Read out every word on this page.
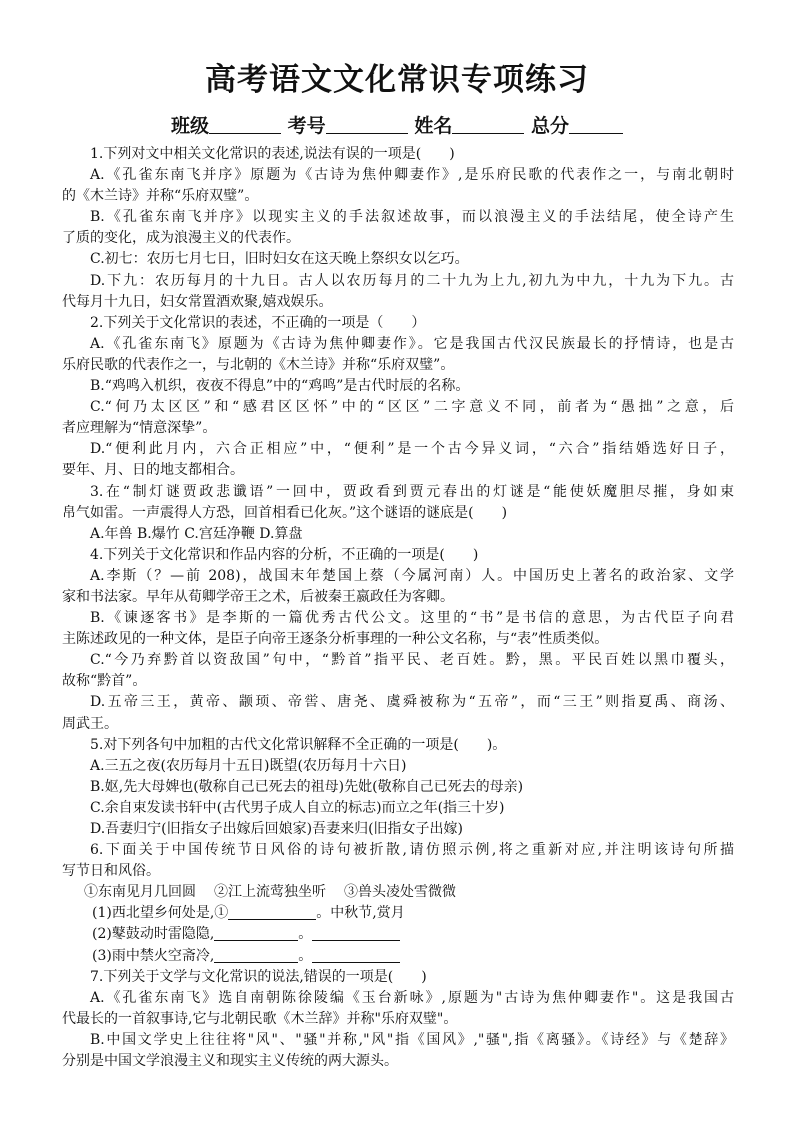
高考语文文化常识专项练习
班级	考号	姓名	总分
1.下列对文中相关文化常识的表述,说法有误的一项是(　　)
A.《孔雀东南飞并序》原题为《古诗为焦仲卿妻作》,是乐府民歌的代表作之一，与南北朝时
的《木兰诗》并称“乐府双璧”。
B.《孔雀东南飞并序》以现实主义的手法叙述故事，而以浪漫主义的手法结尾，使全诗产生
了质的变化，成为浪漫主义的代表作。
C.初七：农历七月七日，旧时妇女在这天晚上祭织女以乞巧。
D.下九：农历每月的十九日。古人以农历每月的二十九为上九,初九为中九，十九为下九。古
代每月十九日，妇女常置酒欢聚,嬉戏娱乐。
2.下列关于文化常识的表述，不正确的一项是（　　）
A.《孔雀东南飞》原题为《古诗为焦仲卿妻作》。它是我国古代汉民族最长的抒情诗，也是古
乐府民歌的代表作之一，与北朝的《木兰诗》并称“乐府双璧”。
B.“鸡鸣入机织，夜夜不得息”中的“鸡鸣”是古代时辰的名称。
C.“何乃太区区”和“感君区区怀”中的“区区”二字意义不同，前者为“愚拙”之意，后
者应理解为“情意深挚”。
D.“便利此月内，六合正相应”中，“便利”是一个古今异义词，“六合”指结婚选好日子，
要年、月、日的地支都相合。
3.在“制灯谜贾政悲谶语”一回中，贾政看到贾元春出的灯谜是“能使妖魔胆尽摧，身如束
帛气如雷。一声震得人方恐，回首相看已化灰。”这个谜语的谜底是(　　)
A.年兽 B.爆竹 C.宫廷净鞭 D.算盘
4.下列关于文化常识和作品内容的分析，不正确的一项是(　　)
A.李斯（？—前 208)，战国末年楚国上蔡（今属河南）人。中国历史上著名的政治家、文学
家和书法家。早年从荀卿学帝王之术，后被秦王嬴政任为客卿。
B.《谏逐客书》是李斯的一篇优秀古代公文。这里的“书”是书信的意思，为古代臣子向君
主陈述政见的一种文体，是臣子向帝王逐条分析事理的一种公文名称，与“表”性质类似。
C.“今乃弃黔首以资敌国”句中，“黔首”指平民、老百姓。黔，黑。平民百姓以黑巾覆头，
故称“黔首”。
D.五帝三王，黄帝、颛顼、帝喾、唐尧、虞舜被称为“五帝”，而“三王”则指夏禹、商汤、
周武王。
5.对下列各句中加粗的古代文化常识解释不全正确的一项是(　　)。
A.三五之夜(农历每月十五日)既望(农历每月十六日)
B.妪,先大母婢也(敬称自己已死去的祖母)先妣(敬称自己已死去的母亲)
C.余自束发读书轩中(古代男子成人自立的标志)而立之年(指三十岁)
D.吾妻归宁(旧指女子出嫁后回娘家)吾妻来归(旧指女子出嫁)
6.下面关于中国传统节日风俗的诗句被折散,请仿照示例,将之重新对应,并注明该诗句所描
写节日和风俗。
①东南见月几回圆 ②江上流莺独坐听 ③兽头凌处雪微微
(1)西北望乡何处是,①	。中秋节,赏月
(2)鼕鼓动时雷隐隐,	。
(3)雨中禁火空斋冷,	。
7.下列关于文学与文化常识的说法,错误的一项是(　　)
A.《孔雀东南飞》选自南朝陈徐陵编《玉台新咏》,原题为"古诗为焦仲卿妻作"。这是我国古
代最长的一首叙事诗,它与北朝民歌《木兰辞》并称"乐府双璧"。
B.中国文学史上往往将"风"、"骚"并称,"风"指《国风》,"骚",指《离骚》。《诗经》与《楚辞》
分别是中国文学浪漫主义和现实主义传统的两大源头。
